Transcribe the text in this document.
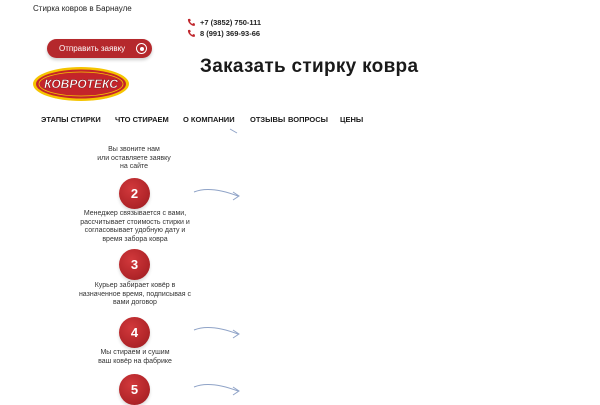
Стирка ковров в Барнауле
+7 (3852) 750-111
8 (991) 369-93-66
Заказать стирку ковра
Отправить заявку
КОВРОТЕКС
ЭТАПЫ СТИРКИ	ЧТО СТИРАЕМ	О КОМПАНИИ	ОТЗЫВЫ ВОПРОСЫ	ЦЕНЫ
Вы звоните нам
или оставляете заявку
на сайте
2
Менеджер связывается с вами,
рассчитывает стоимость стирки и
согласовывает удобную дату и
время забора ковра
3
Курьер забирает ковёр в
назначенное время, подписывая с
вами договор
4
Мы стираем и сушим
ваш ковёр на фабрике
5
